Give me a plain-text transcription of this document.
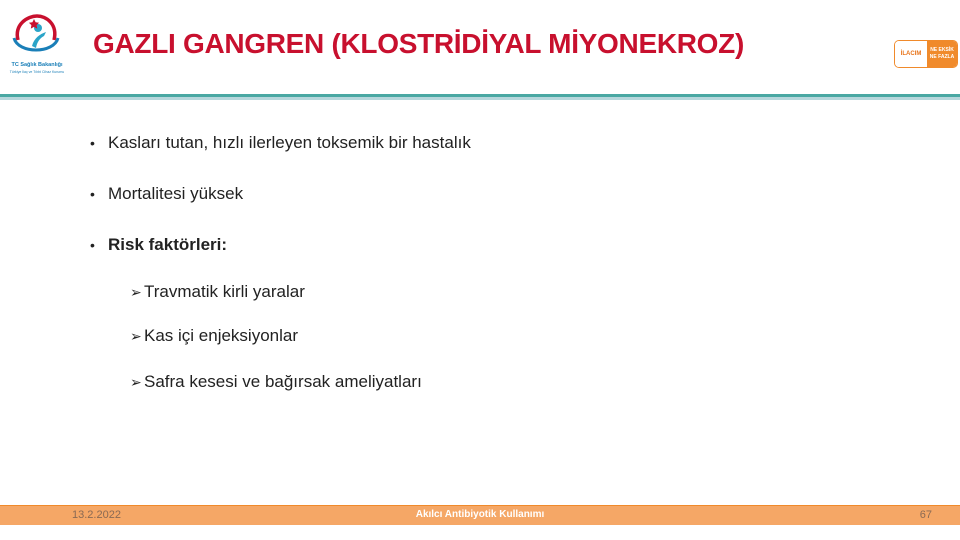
TC Sağlık Bakanlığı
Türkiye İlaç ve Tıbbi Cihaz Kurumu
GAZLI GANGREN (KLOSTRİDİYAL MİYONEKROZ)	İLACIM
NE EKSİK
NE FAZLA
• Kasları tutan, hızlı ilerleyen toksemik bir hastalık
• Mortalitesi yüksek
• Risk faktörleri:
➢ Travmatik kirli yaralar
➢ Kas içi enjeksiyonlar
➢ Safra kesesi ve bağırsak ameliyatları
13.2.2022	Akılcı Antibiyotik Kullanımı	67
